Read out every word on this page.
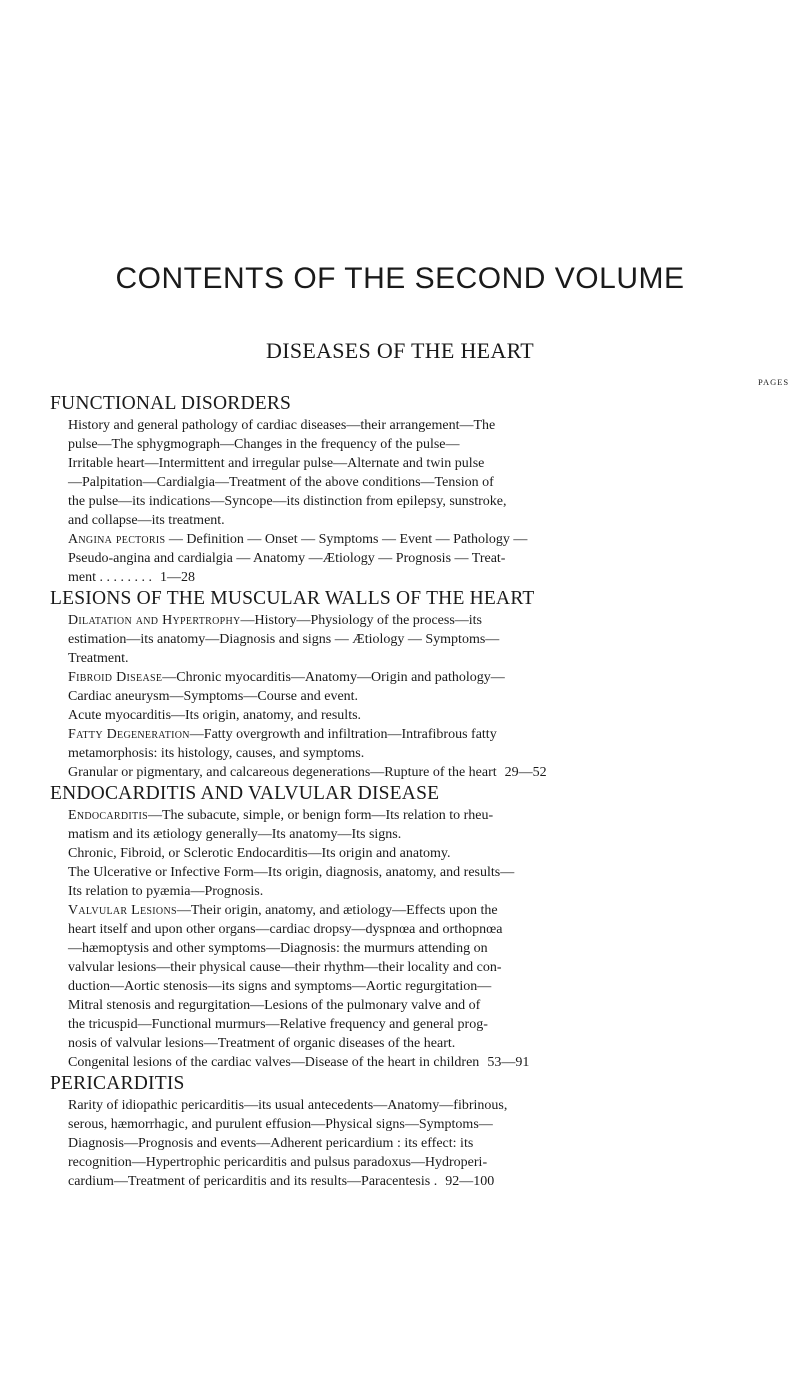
CONTENTS OF THE SECOND VOLUME
DISEASES OF THE HEART
PAGES
FUNCTIONAL DISORDERS
History and general pathology of cardiac diseases—their arrangement—The
pulse—The sphygmograph—Changes in the frequency of the pulse—
Irritable heart—Intermittent and irregular pulse—Alternate and twin pulse
—Palpitation—Cardialgia—Treatment of the above conditions—Tension of
the pulse—its indications—Syncope—its distinction from epilepsy, sunstroke,
and collapse—its treatment.
Angina pectoris — Definition — Onset — Symptoms — Event — Pathology —
Pseudo-angina and cardialgia — Anatomy —Ætiology — Prognosis — Treat-
ment . . . . . . . . 1—28
LESIONS OF THE MUSCULAR WALLS OF THE HEART
Dilatation and Hypertrophy—History—Physiology of the process—its
estimation—its anatomy—Diagnosis and signs — Ætiology — Symptoms—
Treatment.
Fibroid Disease—Chronic myocarditis—Anatomy—Origin and pathology—
Cardiac aneurysm—Symptoms—Course and event.
Acute myocarditis—Its origin, anatomy, and results.
Fatty Degeneration—Fatty overgrowth and infiltration—Intrafibrous fatty
metamorphosis: its histology, causes, and symptoms.
Granular or pigmentary, and calcareous degenerations—Rupture of the heart 29—52
ENDOCARDITIS AND VALVULAR DISEASE
Endocarditis—The subacute, simple, or benign form—Its relation to rheu-
matism and its ætiology generally—Its anatomy—Its signs.
Chronic, Fibroid, or Sclerotic Endocarditis—Its origin and anatomy.
The Ulcerative or Infective Form—Its origin, diagnosis, anatomy, and results—
Its relation to pyæmia—Prognosis.
Valvular Lesions—Their origin, anatomy, and ætiology—Effects upon the
heart itself and upon other organs—cardiac dropsy—dyspnœa and orthopnœa
—hæmoptysis and other symptoms—Diagnosis: the murmurs attending on
valvular lesions—their physical cause—their rhythm—their locality and con-
duction—Aortic stenosis—its signs and symptoms—Aortic regurgitation—
Mitral stenosis and regurgitation—Lesions of the pulmonary valve and of
the tricuspid—Functional murmurs—Relative frequency and general prog-
nosis of valvular lesions—Treatment of organic diseases of the heart.
Congenital lesions of the cardiac valves—Disease of the heart in children 53—91
PERICARDITIS
Rarity of idiopathic pericarditis—its usual antecedents—Anatomy—fibrinous,
serous, hæmorrhagic, and purulent effusion—Physical signs—Symptoms—
Diagnosis—Prognosis and events—Adherent pericardium : its effect: its
recognition—Hypertrophic pericarditis and pulsus paradoxus—Hydroperi-
cardium—Treatment of pericarditis and its results—Paracentesis . 92—100
